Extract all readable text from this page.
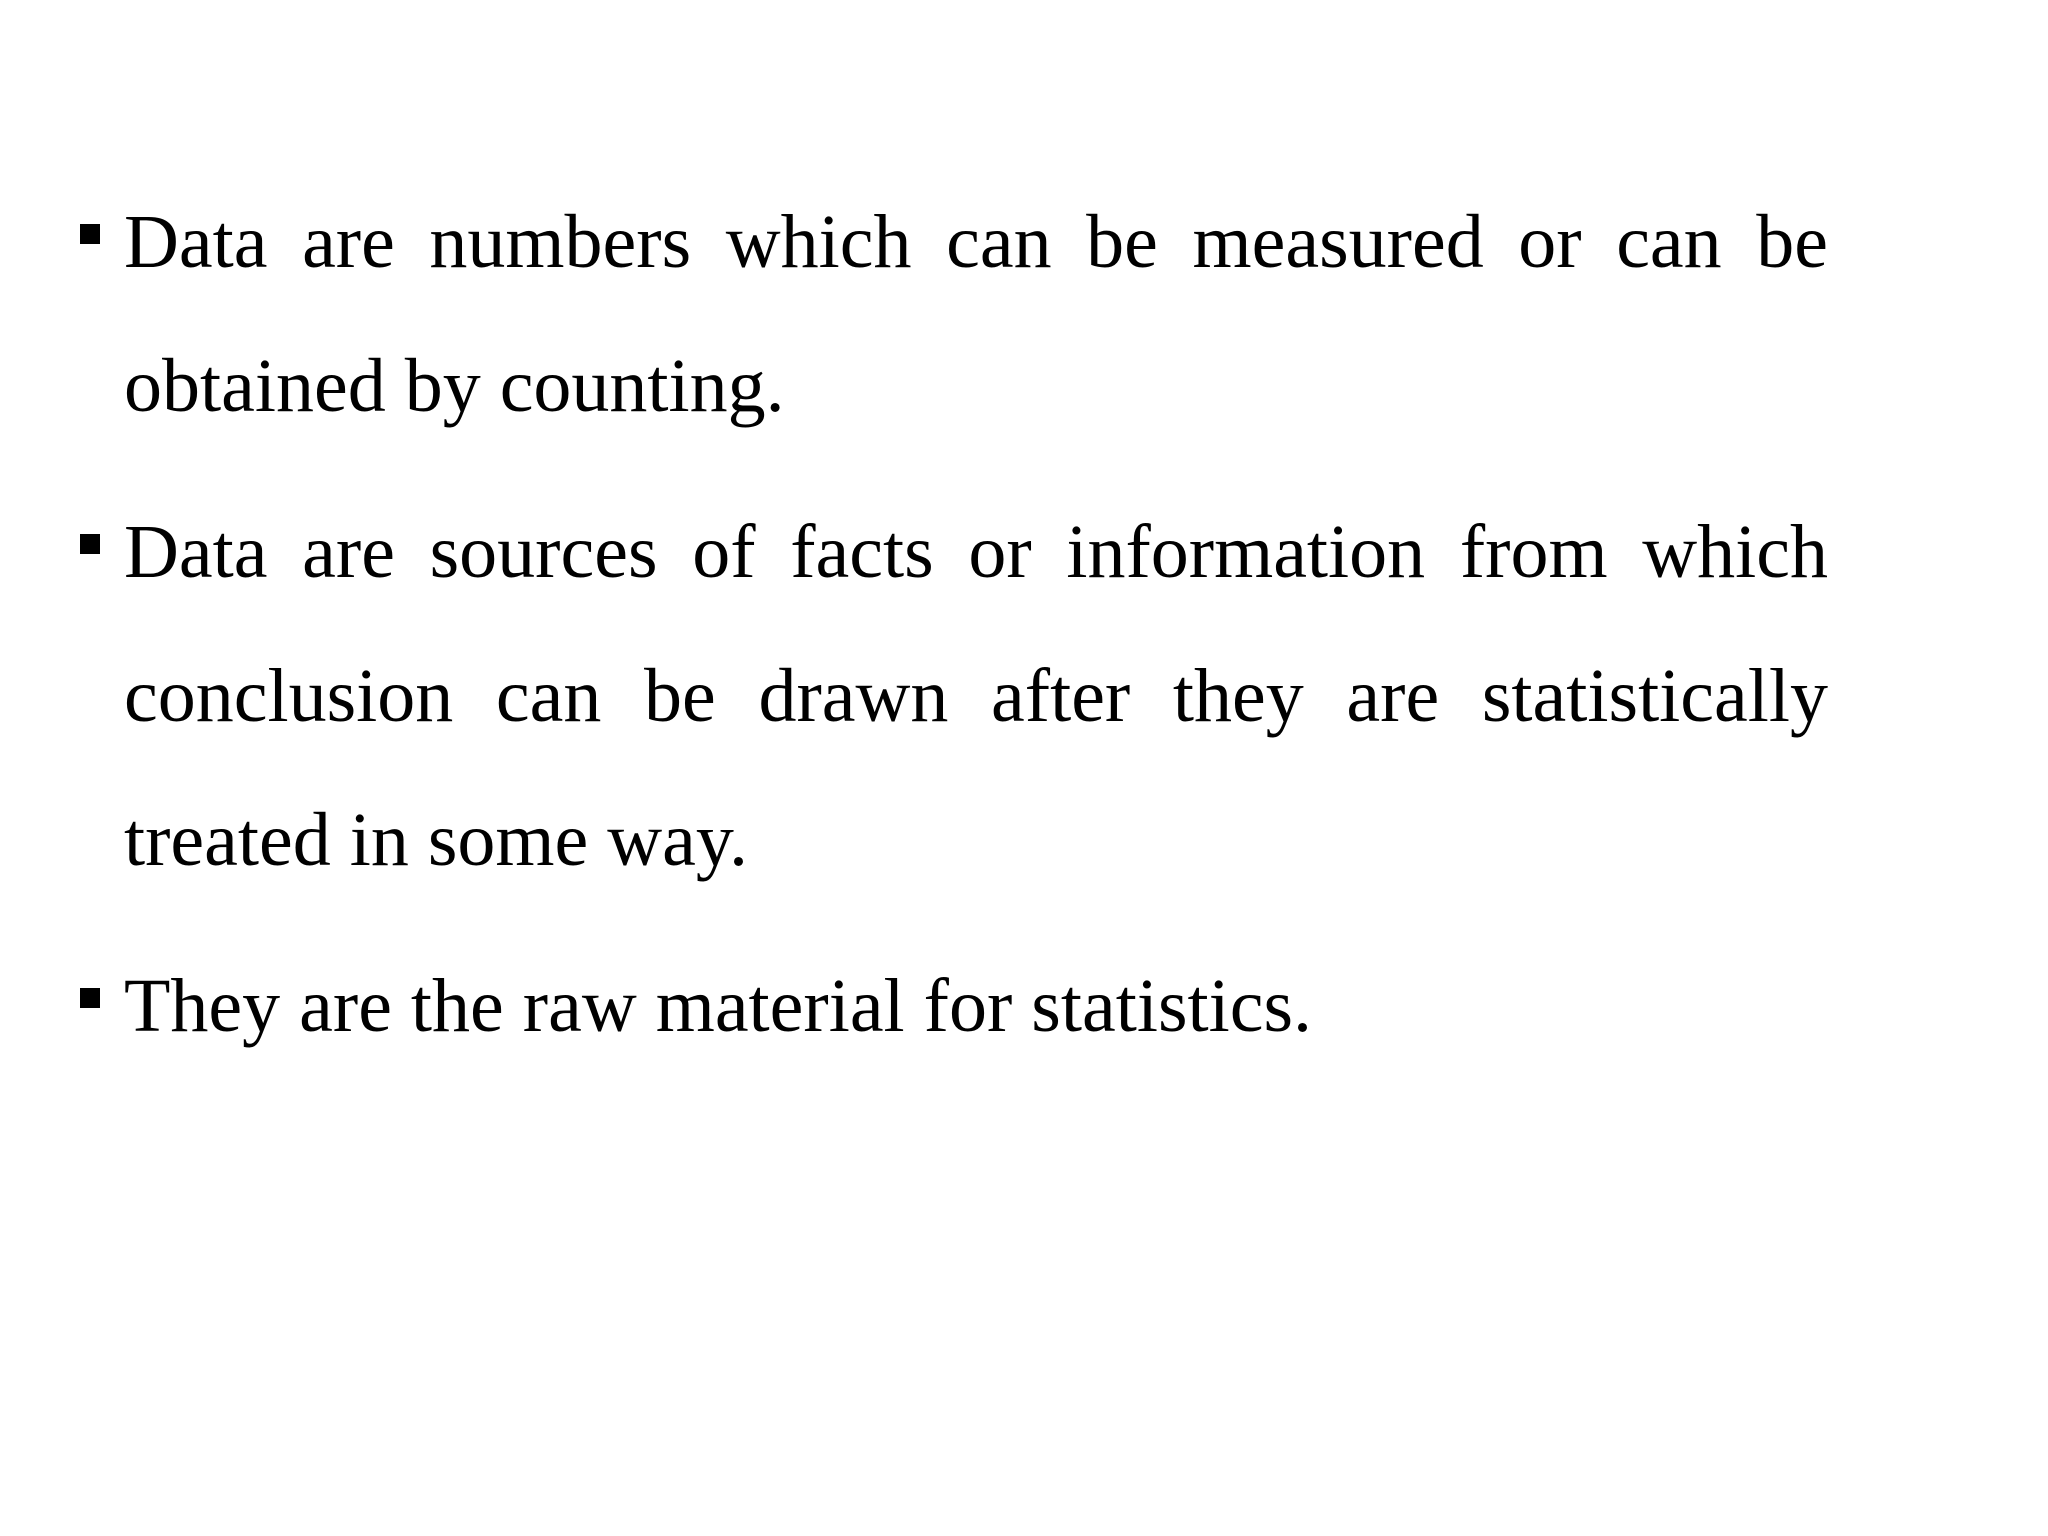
Data are numbers which can be measured or can be obtained by counting.
Data are sources of facts or information from which conclusion can be drawn after they are statistically treated in some way.
They are the raw material for statistics.
